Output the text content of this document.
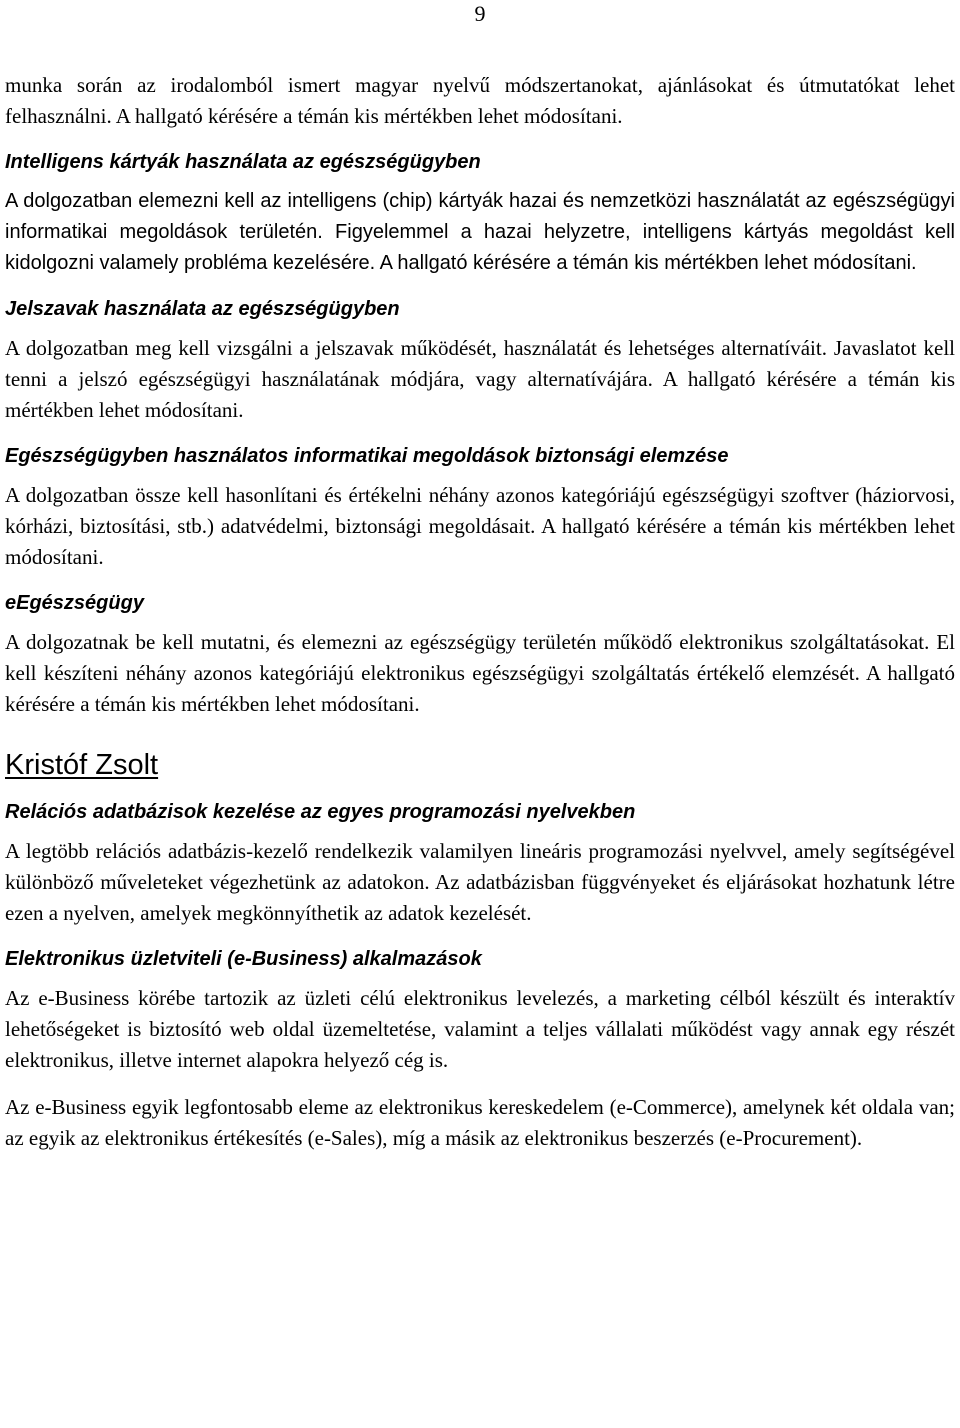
9

munka során az irodalomból ismert magyar nyelvű módszertanokat, ajánlásokat és útmutatókat lehet felhasználni. A hallgató kérésére a témán kis mértékben lehet módosítani.

Intelligens kártyák használata az egészségügyben

A dolgozatban elemezni kell az intelligens (chip) kártyák hazai és nemzetközi használatát az egészségügyi informatikai megoldások területén. Figyelemmel a hazai helyzetre, intelligens kártyás megoldást kell kidolgozni valamely probléma kezelésére. A hallgató kérésére a témán kis mértékben lehet módosítani.

Jelszavak használata az egészségügyben

A dolgozatban meg kell vizsgálni a jelszavak működését, használatát és lehetséges alternatíváit. Javaslatot kell tenni a jelszó egészségügyi használatának módjára, vagy alternatívájára. A hallgató kérésére a témán kis mértékben lehet módosítani.

Egészségügyben használatos informatikai megoldások biztonsági elemzése

A dolgozatban össze kell hasonlítani és értékelni néhány azonos kategóriájú egészségügyi szoftver (háziorvosi, kórházi, biztosítási, stb.) adatvédelmi, biztonsági megoldásait. A hallgató kérésére a témán kis mértékben lehet módosítani.

eEgészségügy

A dolgozatnak be kell mutatni, és elemezni az egészségügy területén működő elektronikus szolgáltatásokat. El kell készíteni néhány azonos kategóriájú elektronikus egészségügyi szolgáltatás értékelő elemzését. A hallgató kérésére a témán kis mértékben lehet módosítani.

Kristóf Zsolt
Relációs adatbázisok kezelése az egyes programozási nyelvekben

A legtöbb relációs adatbázis-kezelő rendelkezik valamilyen lineáris programozási nyelvvel, amely segítségével különböző műveleteket végezhetünk az adatokon. Az adatbázisban függvényeket és eljárásokat hozhatunk létre ezen a nyelven, amelyek megkönnyíthetik az adatok kezelését.

Elektronikus üzletviteli (e-Business) alkalmazások

Az e-Business körébe tartozik az üzleti célú elektronikus levelezés, a marketing célból készült és interaktív lehetőségeket is biztosító web oldal üzemeltetése, valamint a teljes vállalati működést vagy annak egy részét elektronikus, illetve internet alapokra helyező cég is.

Az e-Business egyik legfontosabb eleme az elektronikus kereskedelem (e-Commerce), amelynek két oldala van; az egyik az elektronikus értékesítés (e-Sales), míg a másik az elektronikus beszerzés (e-Procurement).
